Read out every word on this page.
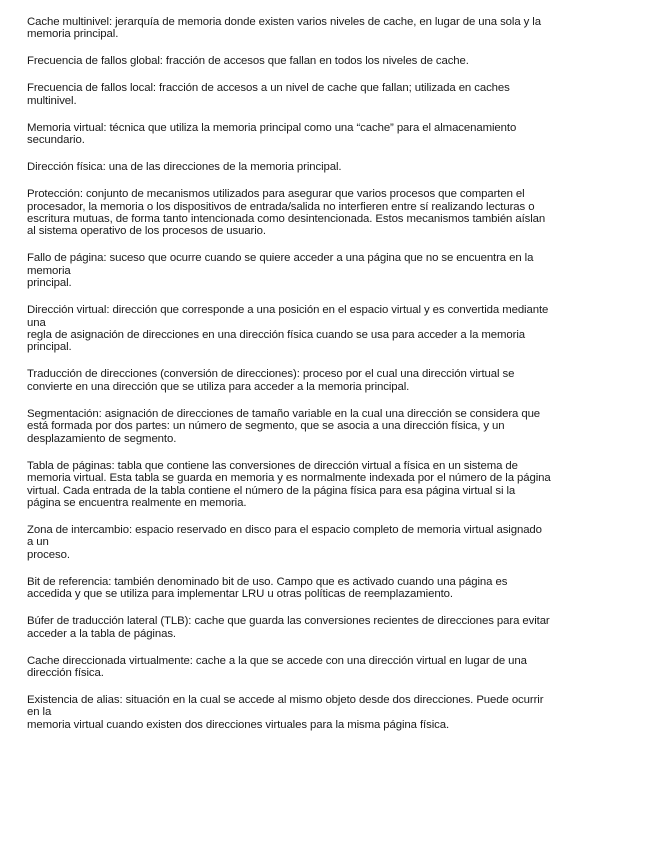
Cache multinivel: jerarquía de memoria donde existen varios niveles de cache, en lugar de una sola y la
memoria principal.
Frecuencia de fallos global: fracción de accesos que fallan en todos los niveles de cache.
Frecuencia de fallos local: fracción de accesos a un nivel de cache que fallan; utilizada en caches
multinivel.
Memoria virtual: técnica que utiliza la memoria principal como una “cache” para el almacenamiento
secundario.
Dirección física: una de las direcciones de la memoria principal.
Protección: conjunto de mecanismos utilizados para asegurar que varios procesos que comparten el
procesador, la memoria o los dispositivos de entrada/salida no interfieren entre sí realizando lecturas o
escritura mutuas, de forma tanto intencionada como desintencionada. Estos mecanismos también aíslan
al sistema operativo de los procesos de usuario.
Fallo de página: suceso que ocurre cuando se quiere acceder a una página que no se encuentra en la
memoria
principal.
Dirección virtual: dirección que corresponde a una posición en el espacio virtual y es convertida mediante
una
regla de asignación de direcciones en una dirección física cuando se usa para acceder a la memoria
principal.
Traducción de direcciones (conversión de direcciones): proceso por el cual una dirección virtual se
convierte en una dirección que se utiliza para acceder a la memoria principal.
Segmentación: asignación de direcciones de tamaño variable en la cual una dirección se considera que
está formada por dos partes: un número de segmento, que se asocia a una dirección física, y un
desplazamiento de segmento.
Tabla de páginas: tabla que contiene las conversiones de dirección virtual a física en un sistema de
memoria virtual. Esta tabla se guarda en memoria y es normalmente indexada por el número de la página
virtual. Cada entrada de la tabla contiene el número de la página física para esa página virtual si la
página se encuentra realmente en memoria.
Zona de intercambio: espacio reservado en disco para el espacio completo de memoria virtual asignado
a un
proceso.
Bit de referencia: también denominado bit de uso. Campo que es activado cuando una página es
accedida y que se utiliza para implementar LRU u otras políticas de reemplazamiento.
Búfer de traducción lateral (TLB): cache que guarda las conversiones recientes de direcciones para evitar
acceder a la tabla de páginas.
Cache direccionada virtualmente: cache a la que se accede con una dirección virtual en lugar de una
dirección física.
Existencia de alias: situación en la cual se accede al mismo objeto desde dos direcciones. Puede ocurrir
en la
memoria virtual cuando existen dos direcciones virtuales para la misma página física.
